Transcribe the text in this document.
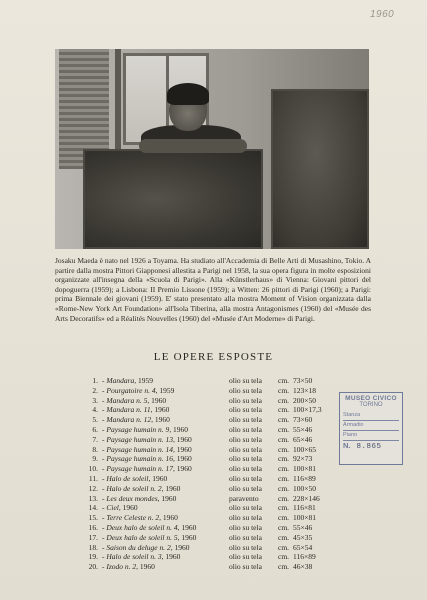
1960
Josaku Maeda è nato nel 1926 a Toyama. Ha studiato all'Accademia di Belle Arti di Musashino, Tokio. A partire dalla mostra Pittori Giapponesi allestita a Parigi nel 1958, la sua opera figura in molte esposizioni organizzate all'insegna della «Scuola di Parigi». Alla «Künstlerhaus» di Vienna: Giovani pittori del dopoguerra (1959); a Lisbona: II Premio Lissone (1959); a Witten: 26 pittori di Parigi (1960); a Parigi: prima Biennale dei giovani (1959). E' stato presentato alla mostra Moment of Vision organizzata dalla «Rome-New York Art Foundation» all'Isola Tiberina, alla mostra Antagonismes (1960) del «Musée des Arts Decoratifs» ed a Réalités Nouvelles (1960) del «Musée d'Art Moderne» di Parigi.
LE OPERE ESPOSTE
1. - Mandara, 1959	olio su tela cm. 73×50
2. - Pourgatoire n. 4, 1959	olio su tela cm. 123×18
3. - Mandara n. 5, 1960	olio su tela cm. 200×50
4. - Mandara n. 11, 1960	olio su tela cm. 100×17,3
5. - Mandara n. 12, 1960	olio su tela cm. 73×60
6. - Paysage humain n. 9, 1960	olio su tela cm. 55×46
7. - Paysage humain n. 13, 1960	olio su tela cm. 65×46
8. - Paysage humain n. 14, 1960	olio su tela cm. 100×65
9. - Paysage humain n. 16, 1960	olio su tela cm. 92×73
10. - Paysage humain n. 17, 1960	olio su tela cm. 100×81
11. - Halo de soleil, 1960	olio su tela cm. 116×89
12. - Halo de soleil n. 2, 1960	olio su tela cm. 100×50
13. - Les deux mondes, 1960	paravento	cm. 228×146
14. - Ciel, 1960	olio su tela cm. 116×81
15. - Terre Celeste n. 2, 1960	olio su tela cm. 100×81
16. - Deux halo de soleil n. 4, 1960	olio su tela cm. 55×46
17. - Deux halo de soleil n. 5, 1960	olio su tela cm. 45×35
18. - Saison du deluge n. 2, 1960	olio su tela cm. 65×54
19. - Halo de soleil n. 3, 1960	olio su tela cm. 116×89
20. - Izodo n. 2, 1960	olio su tela cm. 46×38
MUSEO CIVICO
TORINO
Stanza
Armadio
Piano
N. 8.865
